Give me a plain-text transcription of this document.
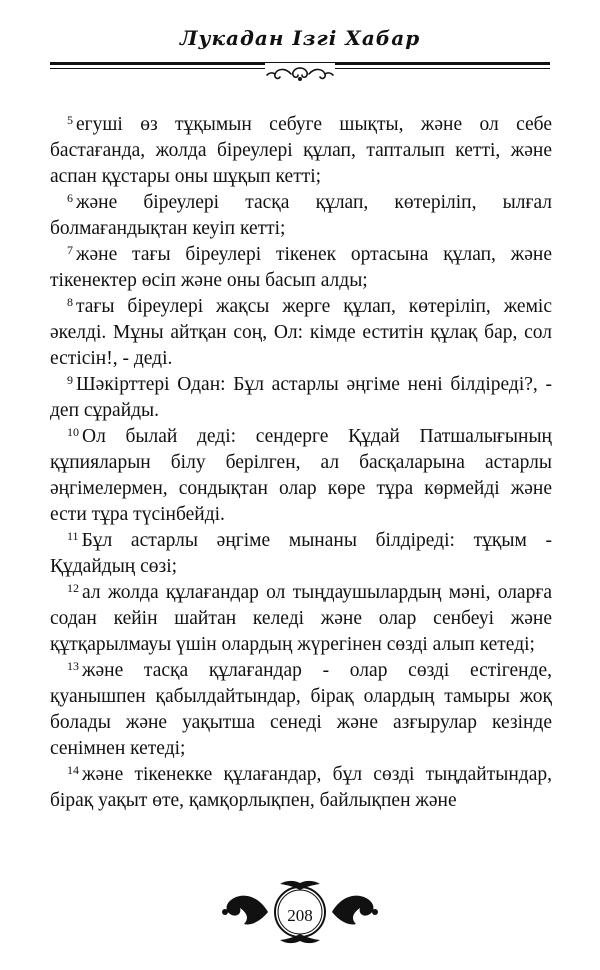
Лукадан Ізгі Хабар

$^5$ егуші өз тұқымын себуге шықты, және ол себе бастағанда, жолда біреулері құлап, тапталып кетті, және аспан құстары оны шұқып кетті;

$^6$ және біреулері тасқа құлап, көтеріліп, ылғал болмағандықтан кеуіп кетті;

$^7$ және тағы біреулері тікенек ортасына құлап, және тікенектер өсіп және оны басып алды;

$^8$ тағы біреулері жақсы жерге құлап, көтеріліп, жеміс әкелді. Мұны айтқан соң, Ол: кімде еститін құлақ бар, сол естісін!, - деді.

$^9$ Шәкірттері Одан: Бұл астарлы әңгіме нені білдіреді?, - деп сұрайды.

$^{10}$ Ол былай деді: сендерге Құдай Патшалығының құпияларын білу берілген, ал басқаларына астарлы әңгімелермен, сондықтан олар көре тұра көрмейді және ести тұра түсінбейді.

$^{11}$ Бұл астарлы әңгіме мынаны білдіреді: тұқым - Құдайдың сөзі;

$^{12}$ ал жолда құлағандар ол тыңдаушылардың мәні, оларға содан кейін шайтан келеді және олар сенбеуі және құтқарылмауы үшін олардың жүрегінен сөзді алып кетеді;

$^{13}$ және тасқа құлағандар - олар сөзді естігенде, қуанышпен қабылдайтындар, бірақ олардың тамыры жоқ болады және уақытша сенеді және азғырулар кезінде сенімнен кетеді;

$^{14}$ және тікенекке құлағандар, бұл сөзді тыңдайтындар, бірақ уақыт өте, қамқорлықпен, байлықпен және

208
